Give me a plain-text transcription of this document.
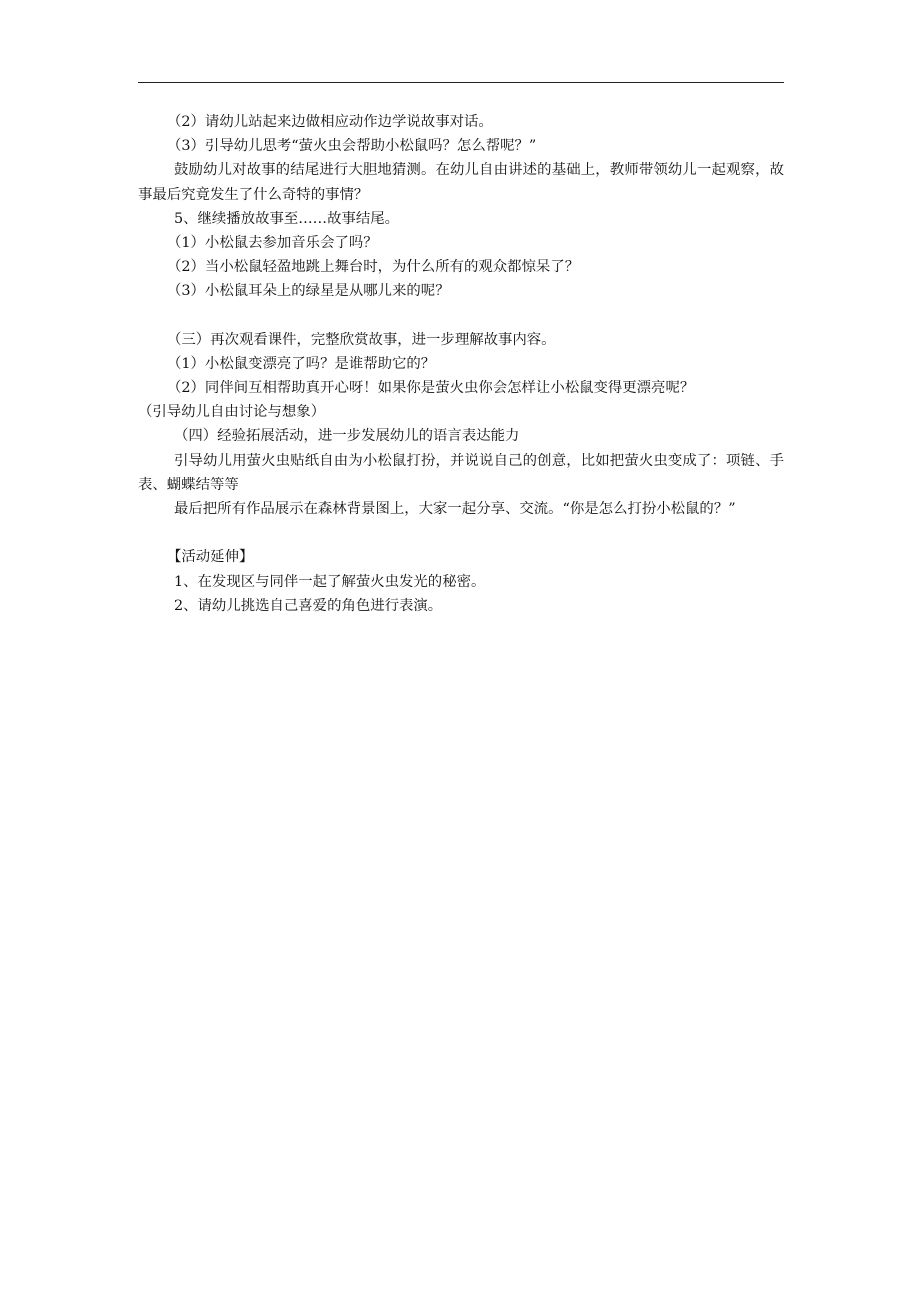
（2）请幼儿站起来边做相应动作边学说故事对话。
（3）引导幼儿思考“萤火虫会帮助小松鼠吗？怎么帮呢？”

鼓励幼儿对故事的结尾进行大胆地猜测。在幼儿自由讲述的基础上，教师带领幼儿一起观察，故事最后究竟发生了什么奇特的事情？

5、继续播放故事至……故事结尾。
（1）小松鼠去参加音乐会了吗？
（2）当小松鼠轻盈地跳上舞台时，为什么所有的观众都惊呆了？
（3）小松鼠耳朵上的绿星是从哪儿来的呢？
（三）再次观看课件，完整欣赏故事，进一步理解故事内容。
（1）小松鼠变漂亮了吗？是谁帮助它的？
（2）同伴间互相帮助真开心呀！如果你是萤火虫你会怎样让小松鼠变得更漂亮呢？
（引导幼儿自由讨论与想象）
（四）经验拓展活动，进一步发展幼儿的语言表达能力

引导幼儿用萤火虫贴纸自由为小松鼠打扮，并说说自己的创意，比如把萤火虫变成了：项链、手表、蝴蝶结等等

最后把所有作品展示在森林背景图上，大家一起分享、交流。“你是怎么打扮小松鼠的？”

【活动延伸】
1、在发现区与同伴一起了解萤火虫发光的秘密。
2、请幼儿挑选自己喜爱的角色进行表演。
